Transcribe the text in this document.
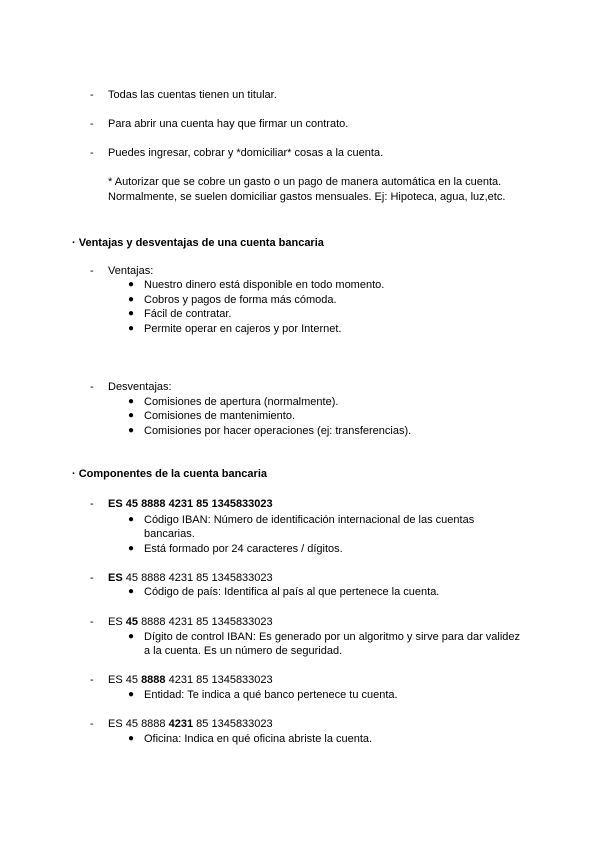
- Todas las cuentas tienen un titular.
- Para abrir una cuenta hay que firmar un contrato.
- Puedes ingresar, cobrar y *domiciliar* cosas a la cuenta.
* Autorizar que se cobre un gasto o un pago de manera automática en la cuenta.
Normalmente, se suelen domiciliar gastos mensuales. Ej: Hipoteca, agua, luz,etc.
· Ventajas y desventajas de una cuenta bancaria
- Ventajas:
● Nuestro dinero está disponible en todo momento.
● Cobros y pagos de forma más cómoda.
● Fácil de contratar.
● Permite operar en cajeros y por Internet.
- Desventajas:
● Comisiones de apertura (normalmente).
● Comisiones de mantenimiento.
● Comisiones por hacer operaciones (ej: transferencias).
· Componentes de la cuenta bancaria
- ES 45 8888 4231 85 1345833023
● Código IBAN: Número de identificación internacional de las cuentas
bancarias.
● Está formado por 24 caracteres / dígitos.
- ES 45 8888 4231 85 1345833023
● Código de país: Identifica al país al que pertenece la cuenta.
- ES 45 8888 4231 85 1345833023
● Dígito de control IBAN: Es generado por un algoritmo y sirve para dar validez
a la cuenta. Es un número de seguridad.
- ES 45 8888 4231 85 1345833023
● Entidad: Te indica a qué banco pertenece tu cuenta.
- ES 45 8888 4231 85 1345833023
● Oficina: Indica en qué oficina abriste la cuenta.
